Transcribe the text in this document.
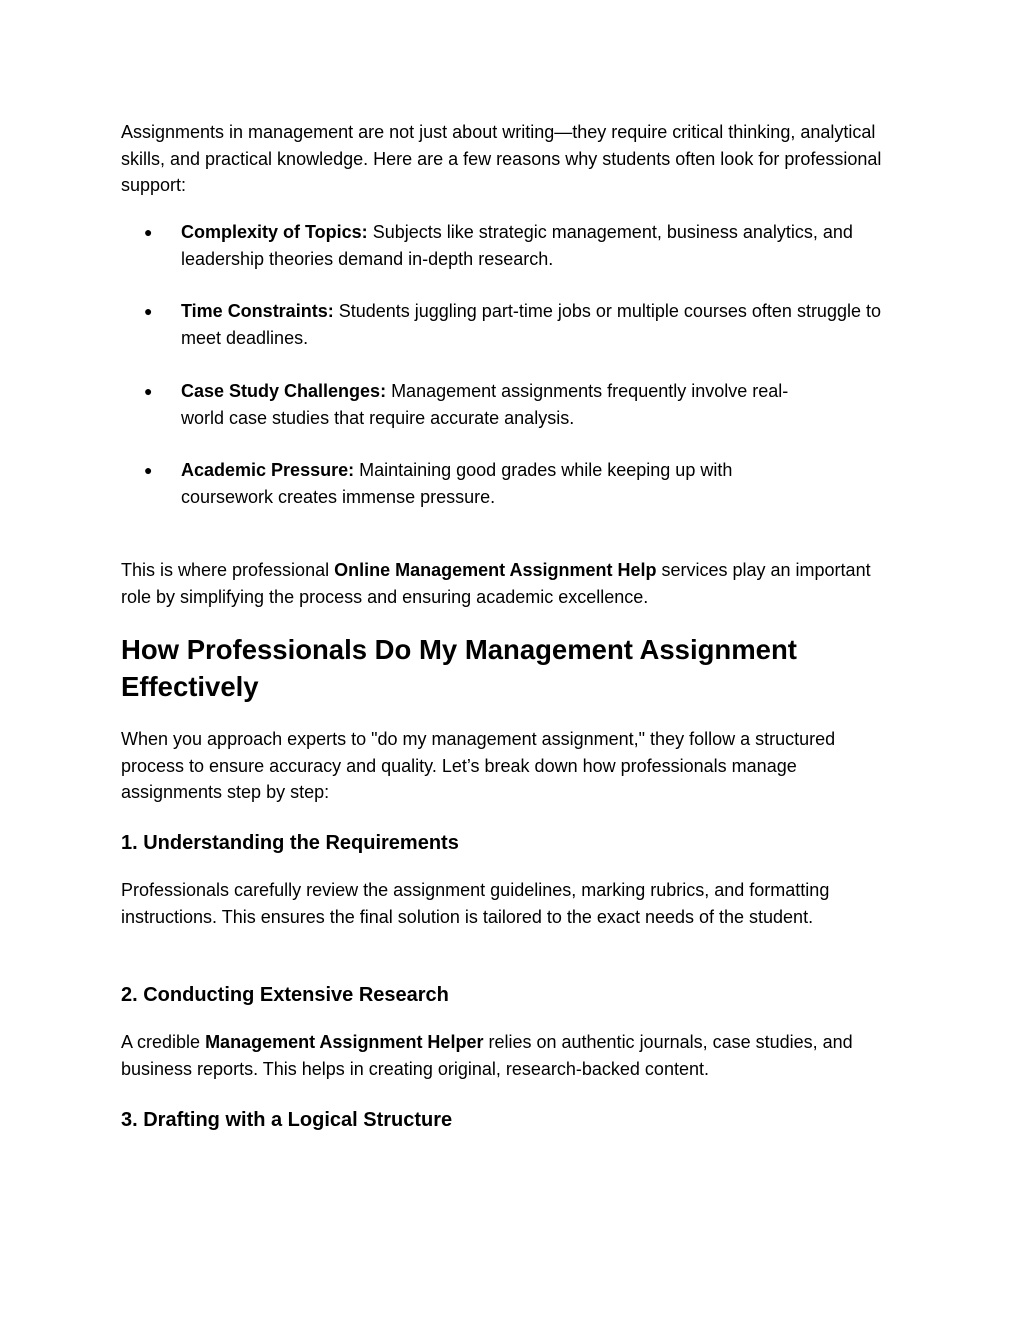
Assignments in management are not just about writing—they require critical thinking, analytical skills, and practical knowledge. Here are a few reasons why students often look for professional support:
● Complexity of Topics: Subjects like strategic management, business analytics, and leadership theories demand in-depth research.
● Time Constraints: Students juggling part-time jobs or multiple courses often struggle to meet deadlines.
● Case Study Challenges: Management assignments frequently involve real-world case studies that require accurate analysis.
● Academic Pressure: Maintaining good grades while keeping up with coursework creates immense pressure.
This is where professional Online Management Assignment Help services play an important role by simplifying the process and ensuring academic excellence.
How Professionals Do My Management Assignment Effectively
When you approach experts to "do my management assignment," they follow a structured process to ensure accuracy and quality. Let’s break down how professionals manage assignments step by step:
1. Understanding the Requirements
Professionals carefully review the assignment guidelines, marking rubrics, and formatting instructions. This ensures the final solution is tailored to the exact needs of the student.
2. Conducting Extensive Research
A credible Management Assignment Helper relies on authentic journals, case studies, and business reports. This helps in creating original, research-backed content.
3. Drafting with a Logical Structure
